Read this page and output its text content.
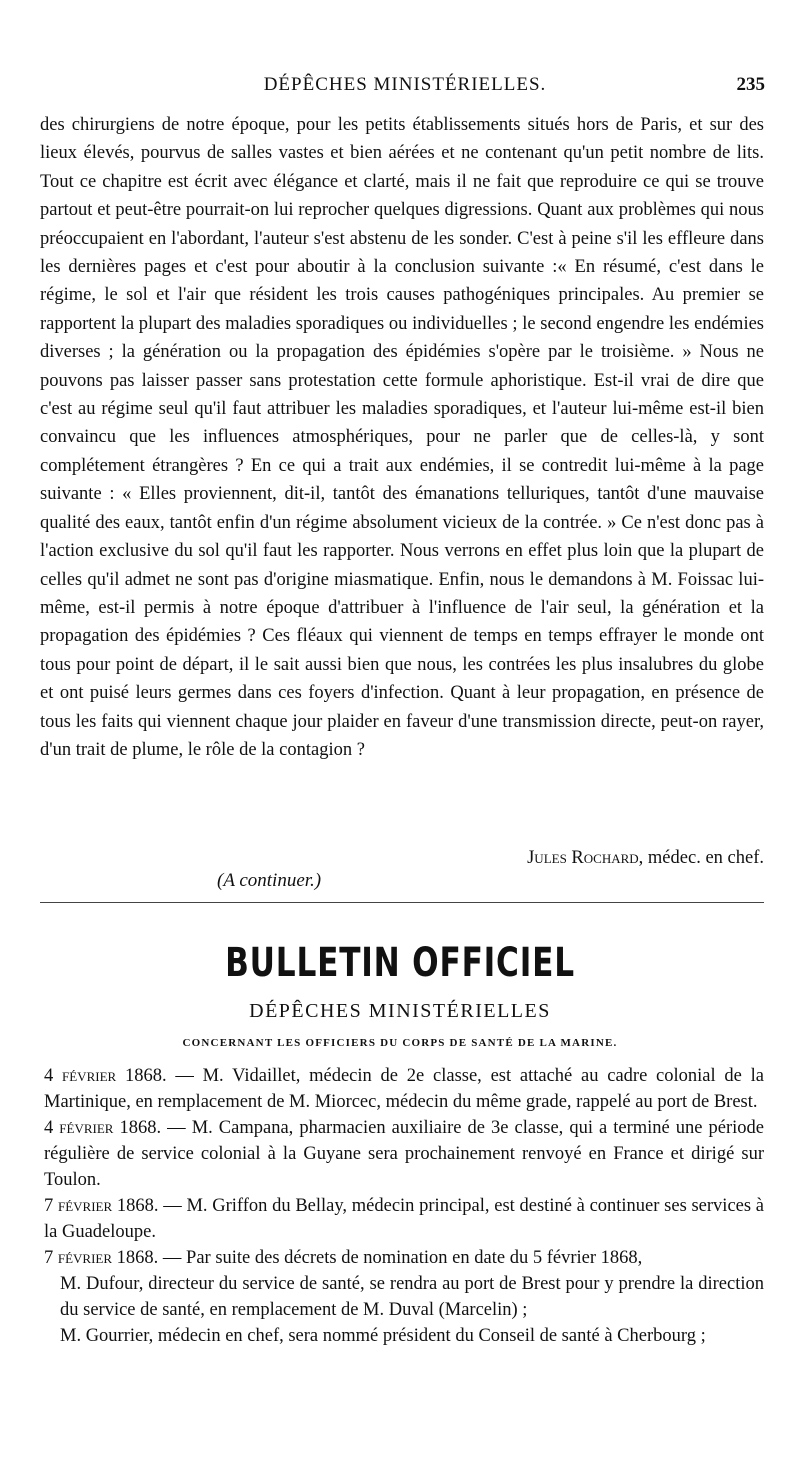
DÉPÊCHES MINISTÉRIELLES.	235

des chirurgiens de notre époque, pour les petits établissements situés hors de Paris, et sur des lieux élevés, pourvus de salles vastes et bien aérées et ne contenant qu'un petit nombre de lits. Tout ce chapitre est écrit avec élégance et clarté, mais il ne fait que reproduire ce qui se trouve partout et peut-être pourrait-on lui reprocher quelques digressions. Quant aux problèmes qui nous préoccupaient en l'abordant, l'auteur s'est abstenu de les sonder. C'est à peine s'il les effleure dans les dernières pages et c'est pour aboutir à la conclusion suivante :« En résumé, c'est dans le régime, le sol et l'air que résident les trois causes pathogéniques principales. Au premier se rapportent la plupart des maladies sporadiques ou individuelles ; le second engendre les endémies diverses ; la génération ou la propagation des épidémies s'opère par le troisième. » Nous ne pouvons pas laisser passer sans protestation cette formule aphoristique. Est-il vrai de dire que c'est au régime seul qu'il faut attribuer les maladies sporadiques, et l'auteur lui-même est-il bien convaincu que les influences atmosphériques, pour ne parler que de celles-là, y sont complétement étrangères ? En ce qui a trait aux endémies, il se contredit lui-même à la page suivante : « Elles proviennent, dit-il, tantôt des émanations telluriques, tantôt d'une mauvaise qualité des eaux, tantôt enfin d'un régime absolument vicieux de la contrée. » Ce n'est donc pas à l'action exclusive du sol qu'il faut les rapporter. Nous verrons en effet plus loin que la plupart de celles qu'il admet ne sont pas d'origine miasmatique. Enfin, nous le demandons à M. Foissac lui-même, est-il permis à notre époque d'attribuer à l'influence de l'air seul, la génération et la propagation des épidémies ? Ces fléaux qui viennent de temps en temps effrayer le monde ont tous pour point de départ, il le sait aussi bien que nous, les contrées les plus insalubres du globe et ont puisé leurs germes dans ces foyers d'infection. Quant à leur propagation, en présence de tous les faits qui viennent chaque jour plaider en faveur d'une transmission directe, peut-on rayer, d'un trait de plume, le rôle de la contagion ?

Jules Rochard, médec. en chef.
(A continuer.)
BULLETIN OFFICIEL
DÉPÊCHES MINISTÉRIELLES
CONCERNANT LES OFFICIERS DU CORPS DE SANTÉ DE LA MARINE.

4 février 1868. — M. Vidaillet, médecin de 2e classe, est attaché au cadre colonial de la Martinique, en remplacement de M. Miorcec, médecin du même grade, rappelé au port de Brest.

4 février 1868. — M. Campana, pharmacien auxiliaire de 3e classe, qui a terminé une période régulière de service colonial à la Guyane sera prochainement renvoyé en France et dirigé sur Toulon.

7 février 1868. — M. Griffon du Bellay, médecin principal, est destiné à continuer ses services à la Guadeloupe.

7 février 1868. — Par suite des décrets de nomination en date du 5 février 1868,

M. Dufour, directeur du service de santé, se rendra au port de Brest pour y prendre la direction du service de santé, en remplacement de M. Duval (Marcelin) ;

M. Gourrier, médecin en chef, sera nommé président du Conseil de santé à Cherbourg ;
